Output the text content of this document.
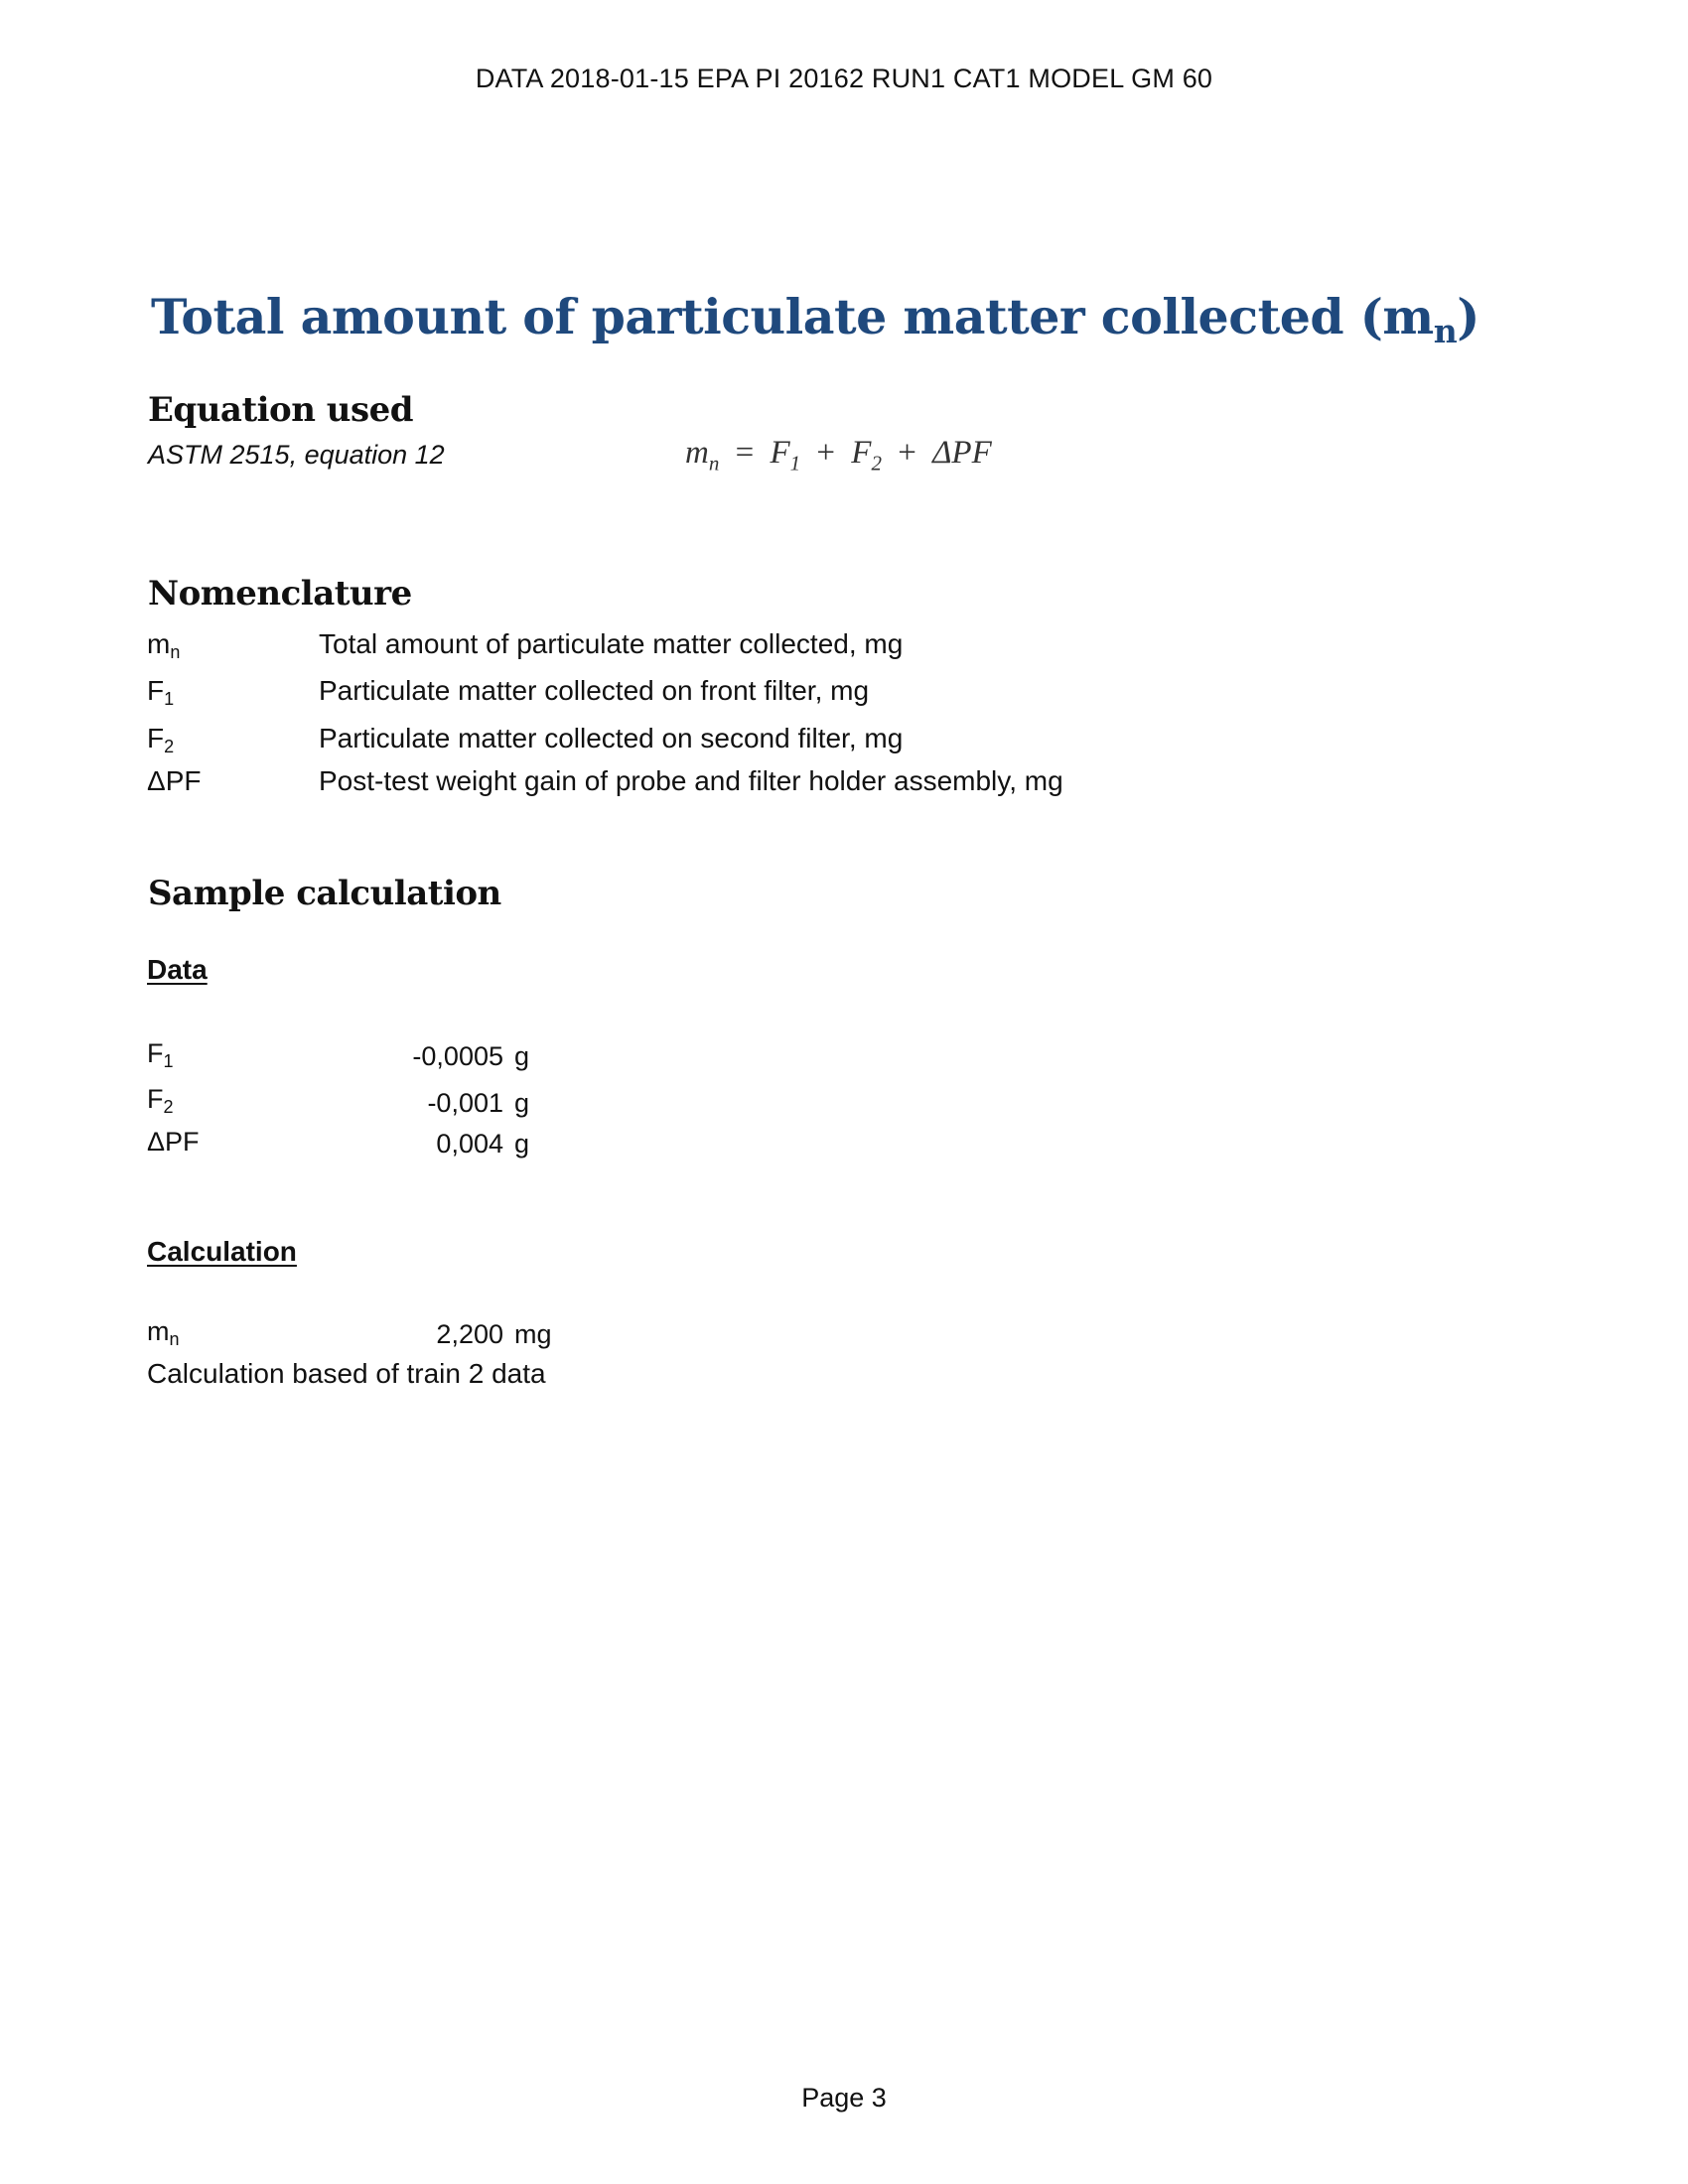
DATA 2018-01-15 EPA PI 20162 RUN1 CAT1 MODEL GM 60
Total amount of particulate matter collected $(m_n)$
Equation used
ASTM 2515, equation 12	$m_n = F_1 + F_2 + \Delta PF$
Nomenclature
$m_n$	Total amount of particulate matter collected, mg
$F_1$	Particulate matter collected on front filter, mg
$F_2$	Particulate matter collected on second filter, mg
ΔPF	Post-test weight gain of probe and filter holder assembly, mg
Sample calculation
Data
$F_1$	-0,0005 g
$F_2$	-0,001 g
ΔPF	0,004 g
Calculation
$m_n$	2,200 mg
Calculation based of train 2 data
Page 3
